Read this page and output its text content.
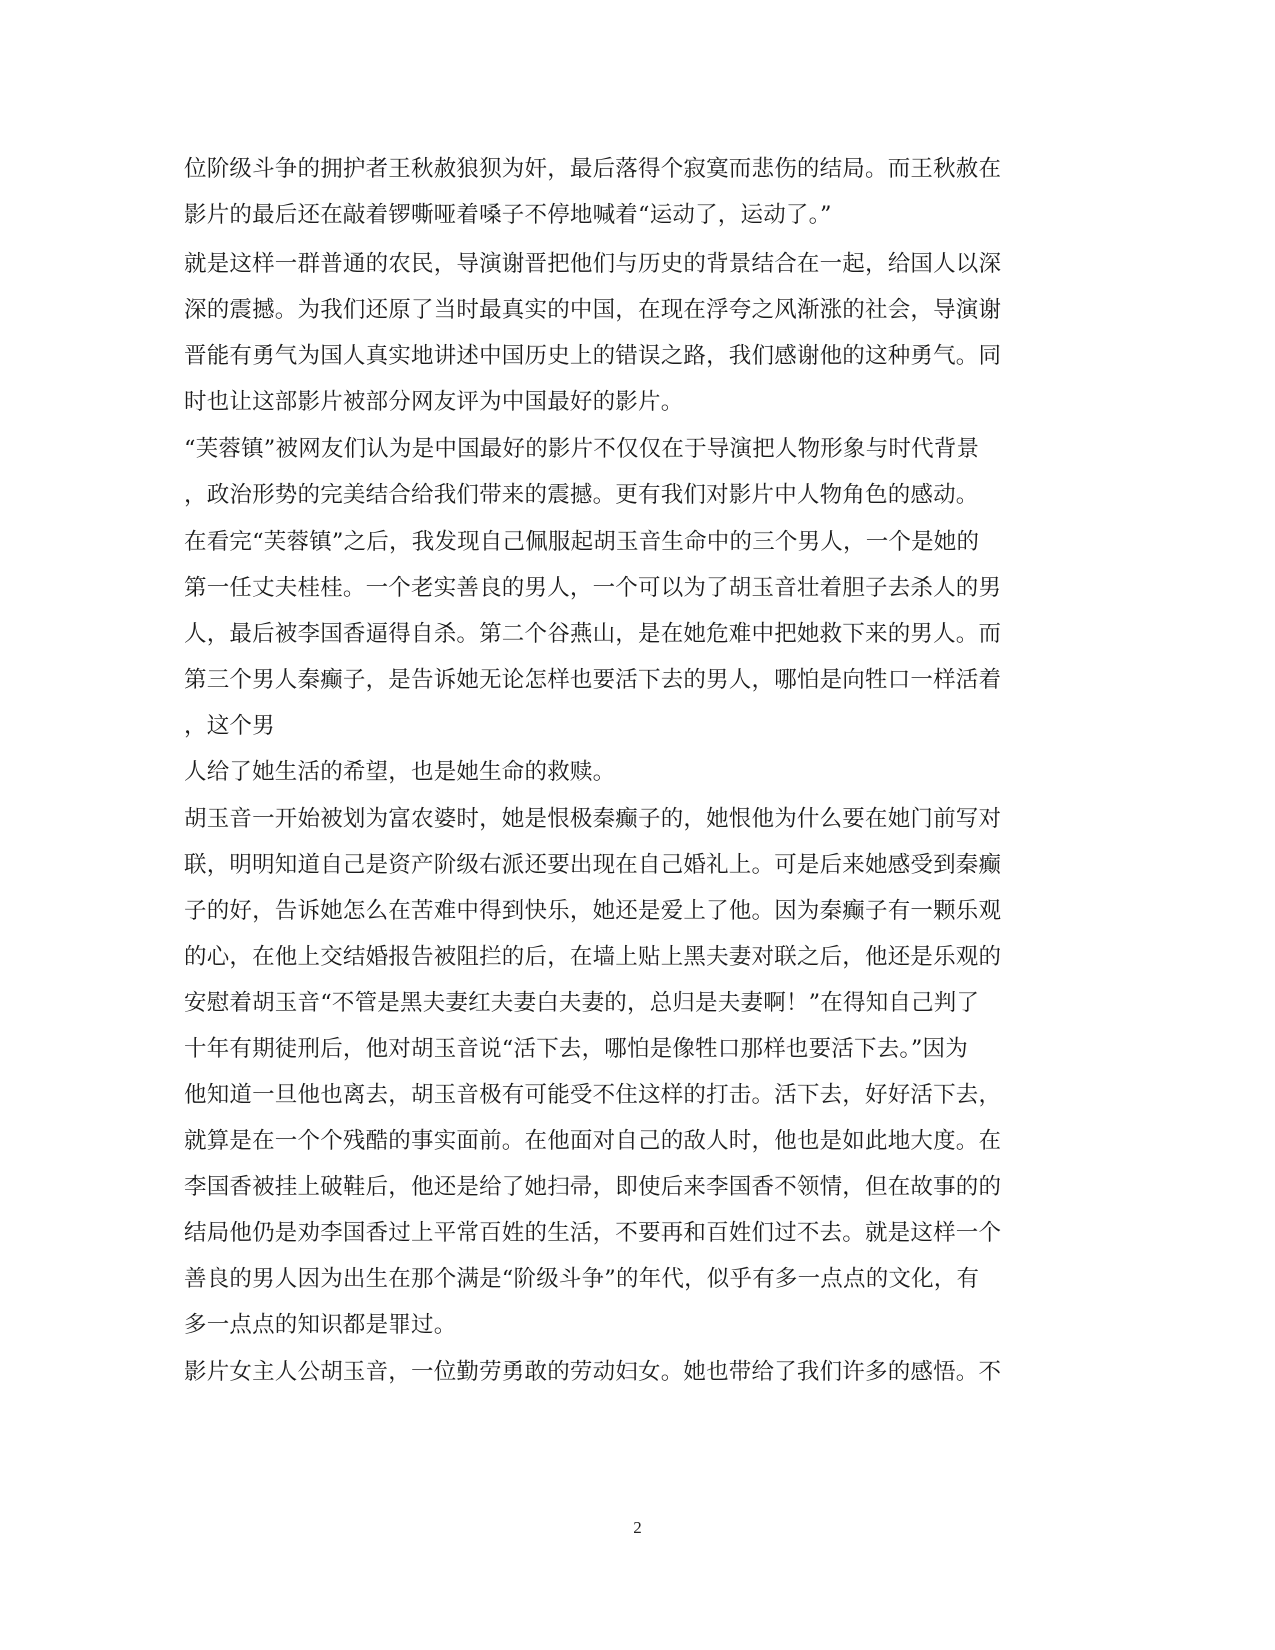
位阶级斗争的拥护者王秋赦狼狈为奸，最后落得个寂寞而悲伤的结局。而王秋赦在
影片的最后还在敲着锣嘶哑着嗓子不停地喊着“运动了，运动了。”
就是这样一群普通的农民，导演谢晋把他们与历史的背景结合在一起，给国人以深
深的震撼。为我们还原了当时最真实的中国，在现在浮夸之风渐涨的社会，导演谢
晋能有勇气为国人真实地讲述中国历史上的错误之路，我们感谢他的这种勇气。同
时也让这部影片被部分网友评为中国最好的影片。
“芙蓉镇”被网友们认为是中国最好的影片不仅仅在于导演把人物形象与时代背景
，政治形势的完美结合给我们带来的震撼。更有我们对影片中人物角色的感动。
在看完“芙蓉镇”之后，我发现自己佩服起胡玉音生命中的三个男人，一个是她的
第一任丈夫桂桂。一个老实善良的男人，一个可以为了胡玉音壮着胆子去杀人的男
人，最后被李国香逼得自杀。第二个谷燕山，是在她危难中把她救下来的男人。而
第三个男人秦癫子，是告诉她无论怎样也要活下去的男人，哪怕是向牲口一样活着
，这个男
人给了她生活的希望，也是她生命的救赎。
胡玉音一开始被划为富农婆时，她是恨极秦癫子的，她恨他为什么要在她门前写对
联，明明知道自己是资产阶级右派还要出现在自己婚礼上。可是后来她感受到秦癫
子的好，告诉她怎么在苦难中得到快乐，她还是爱上了他。因为秦癫子有一颗乐观
的心，在他上交结婚报告被阻拦的后，在墙上贴上黑夫妻对联之后，他还是乐观的
安慰着胡玉音“不管是黑夫妻红夫妻白夫妻的，总归是夫妻啊！”在得知自己判了
十年有期徒刑后，他对胡玉音说“活下去，哪怕是像牲口那样也要活下去。”因为
他知道一旦他也离去，胡玉音极有可能受不住这样的打击。活下去，好好活下去，
就算是在一个个残酷的事实面前。在他面对自己的敌人时，他也是如此地大度。在
李国香被挂上破鞋后，他还是给了她扫帚，即使后来李国香不领情，但在故事的的
结局他仍是劝李国香过上平常百姓的生活，不要再和百姓们过不去。就是这样一个
善良的男人因为出生在那个满是“阶级斗争”的年代，似乎有多一点点的文化，有
多一点点的知识都是罪过。
影片女主人公胡玉音，一位勤劳勇敢的劳动妇女。她也带给了我们许多的感悟。不
2
